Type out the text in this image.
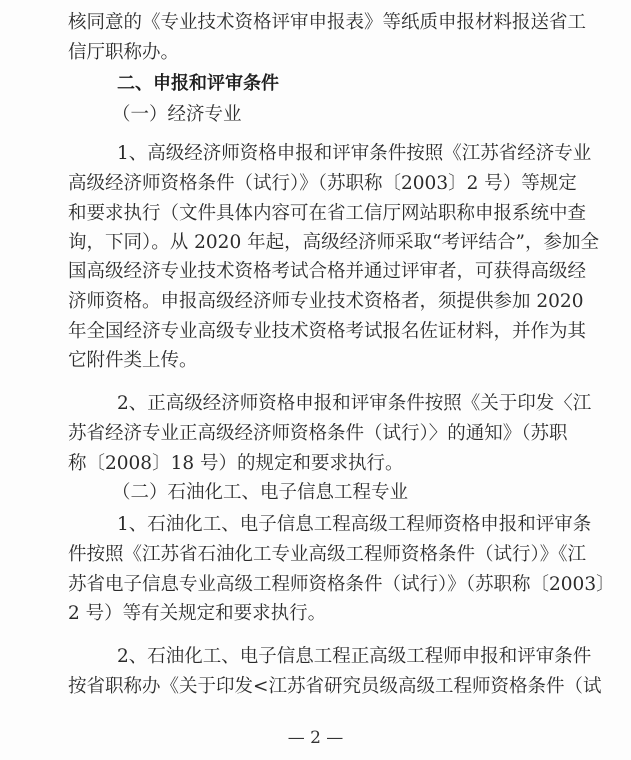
核同意的《专业技术资格评审申报表》等纸质申报材料报送省工
信厅职称办。
二、申报和评审条件
（一）经济专业
1、高级经济师资格申报和评审条件按照《江苏省经济专业
高级经济师资格条件（试行）》（苏职称〔2003〕2 号）等规定
和要求执行（文件具体内容可在省工信厅网站职称申报系统中查
询，下同）。从 2020 年起，高级经济师采取“考评结合”，参加全
国高级经济专业技术资格考试合格并通过评审者，可获得高级经
济师资格。申报高级经济师专业技术资格者，须提供参加 2020
年全国经济专业高级专业技术资格考试报名佐证材料，并作为其
它附件类上传。
2、正高级经济师资格申报和评审条件按照《关于印发〈江
苏省经济专业正高级经济师资格条件（试行）〉的通知》（苏职
称〔2008〕18 号）的规定和要求执行。
（二）石油化工、电子信息工程专业
1、石油化工、电子信息工程高级工程师资格申报和评审条
件按照《江苏省石油化工专业高级工程师资格条件（试行）》《江
苏省电子信息专业高级工程师资格条件（试行）》（苏职称〔2003〕
2 号）等有关规定和要求执行。
2、石油化工、电子信息工程正高级工程师申报和评审条件
按省职称办《关于印发<江苏省研究员级高级工程师资格条件（试
— 2 —
